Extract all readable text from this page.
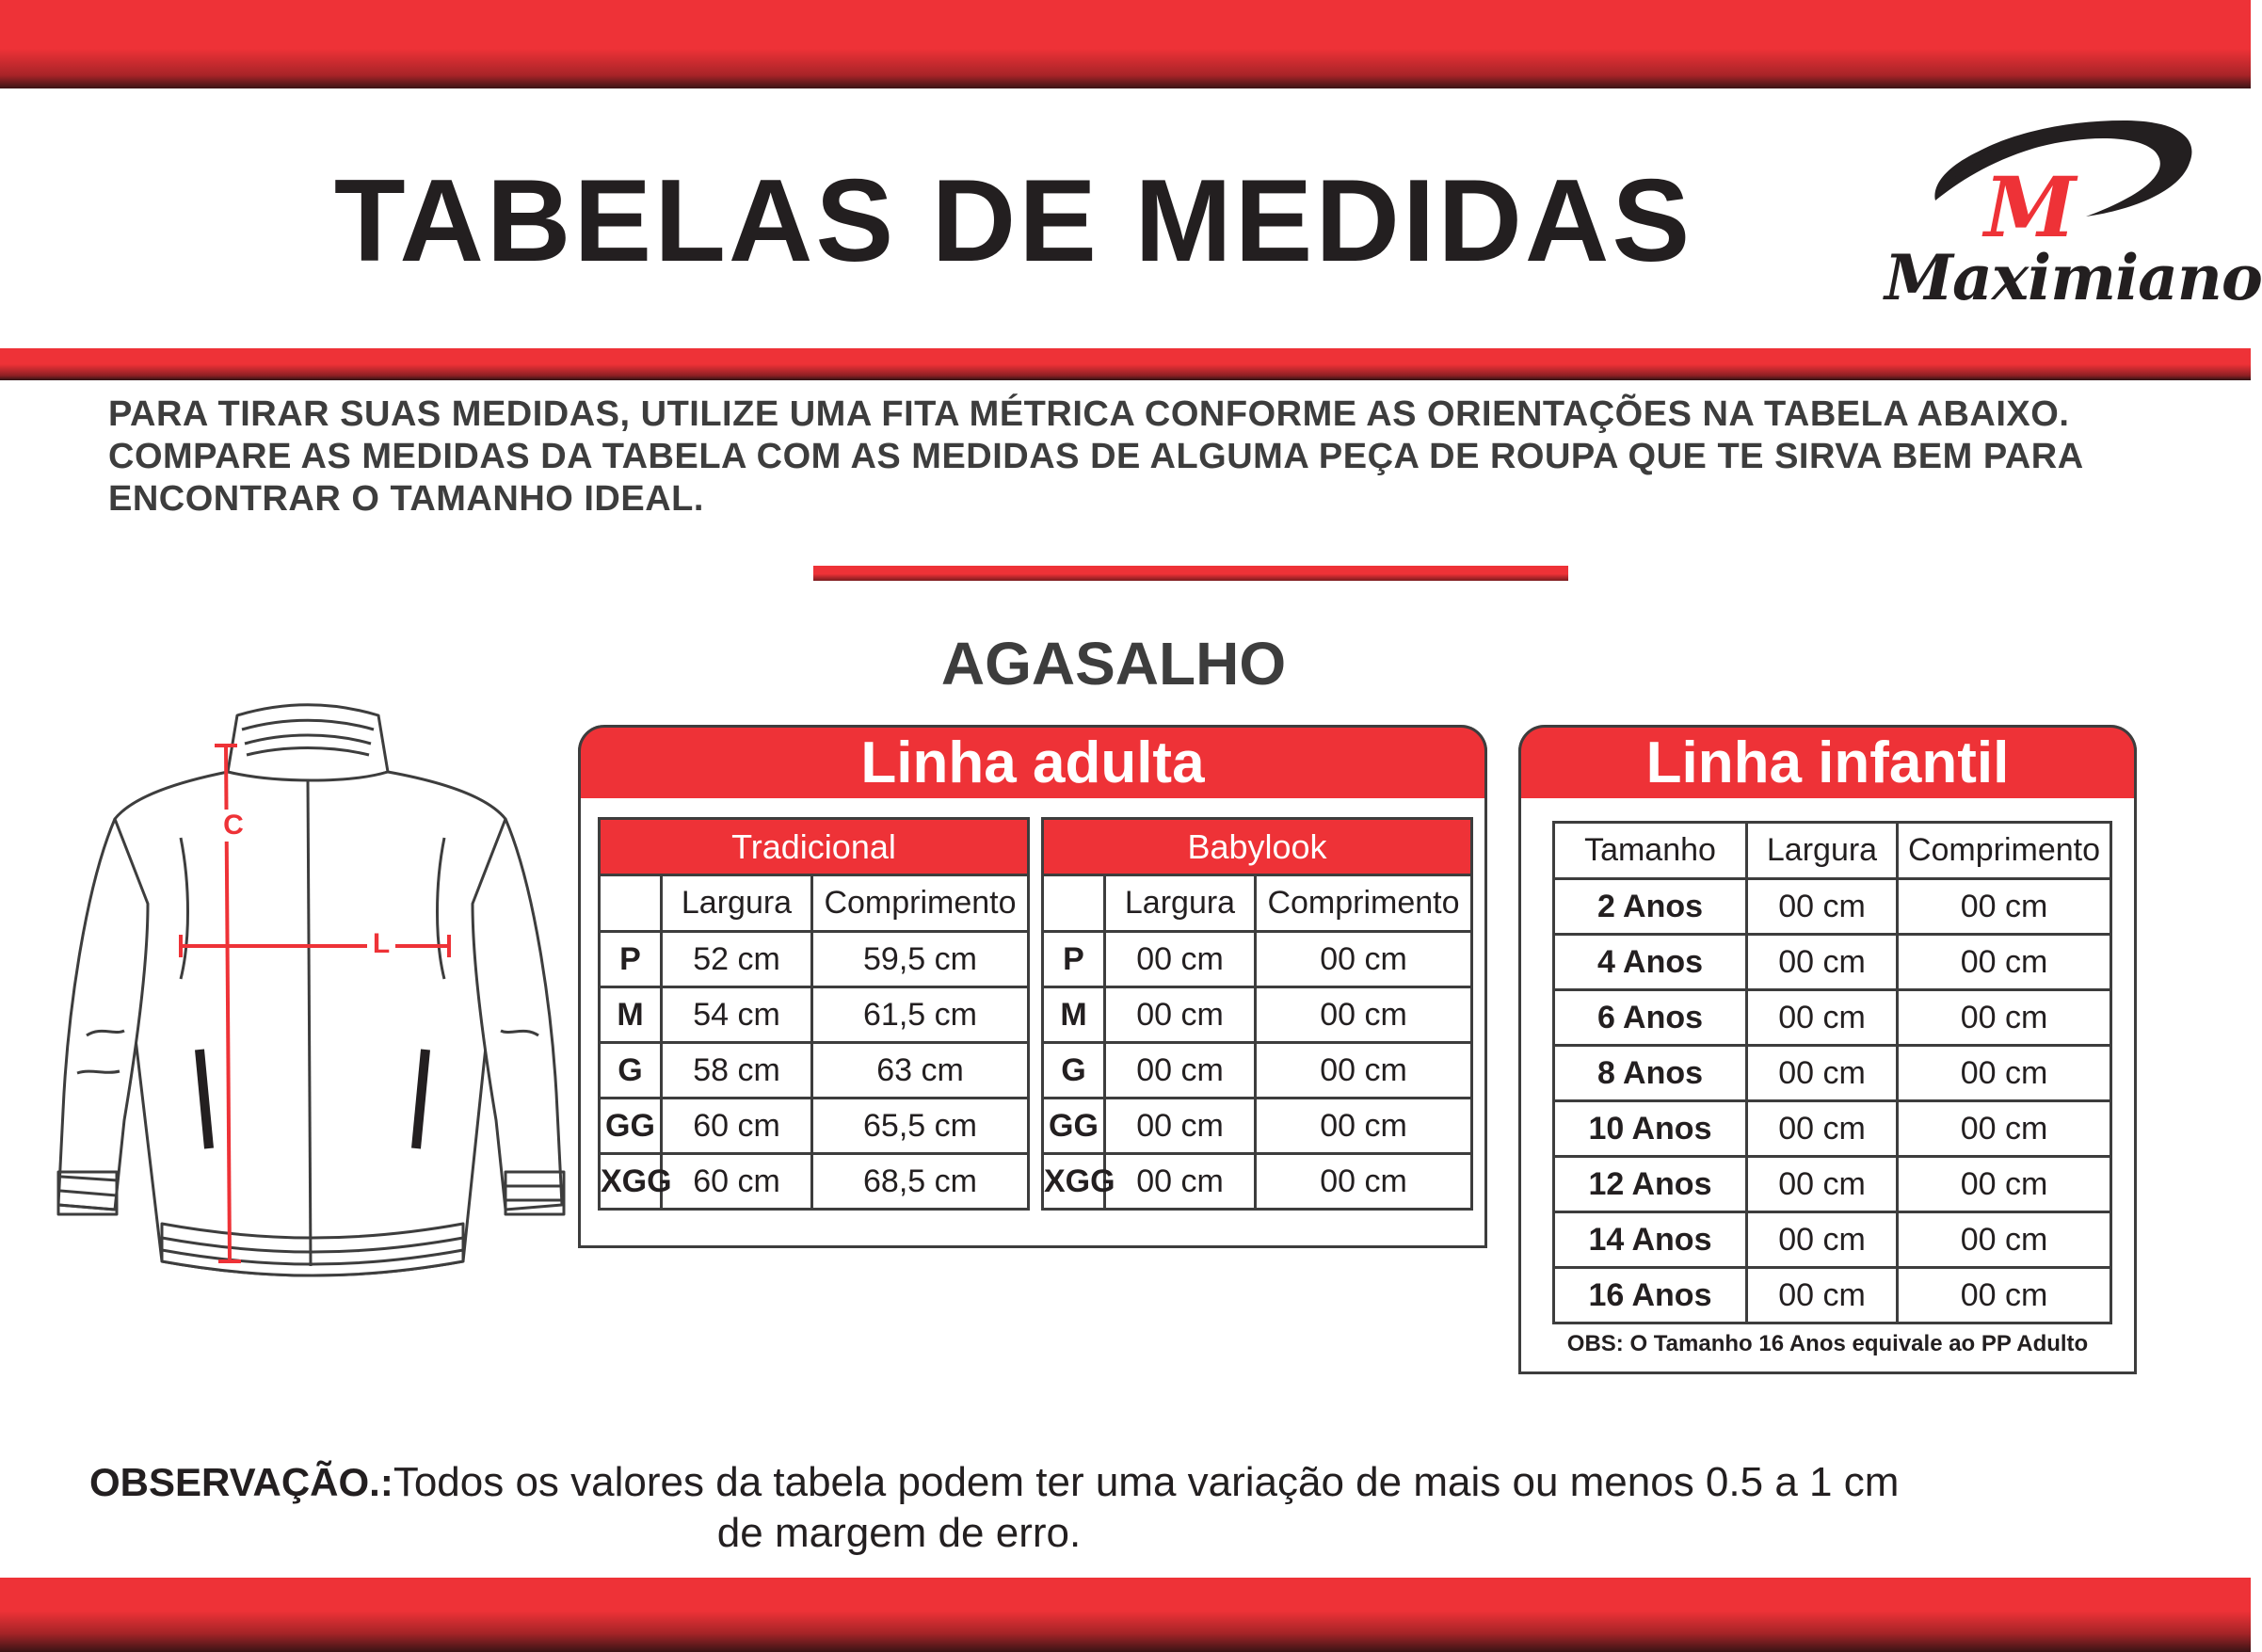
TABELAS DE MEDIDAS	M
Maximiano
PARA TIRAR SUAS MEDIDAS, UTILIZE UMA FITA MÉTRICA CONFORME AS ORIENTAÇÕES NA TABELA ABAIXO.
COMPARE AS MEDIDAS DA TABELA COM AS MEDIDAS DE ALGUMA PEÇA DE ROUPA QUE TE SIRVA BEM PARA
ENCONTRAR O TAMANHO IDEAL.
AGASALHO
C
L
Linha adulta
Tradicional		
	Largura	Comprimento
P	52 cm	59,5 cm
M	54 cm	61,5 cm
G	58 cm	63 cm
GG	60 cm	65,5 cm
XGG	60 cm	68,5 cm
Babylook		
	Largura	Comprimento
P	00 cm	00 cm
M	00 cm	00 cm
G	00 cm	00 cm
GG	00 cm	00 cm
XGG	00 cm	00 cm
Linha infantil
Tamanho	Largura	Comprimento
2 Anos	00 cm	00 cm
4 Anos	00 cm	00 cm
6 Anos	00 cm	00 cm
8 Anos	00 cm	00 cm
10 Anos	00 cm	00 cm
12 Anos	00 cm	00 cm
14 Anos	00 cm	00 cm
16 Anos	00 cm	00 cm
OBS: O Tamanho 16 Anos equivale ao PP Adulto
OBSERVAÇÃO.:Todos os valores da tabela podem ter uma variação de mais ou menos 0.5 a 1 cm
de margem de erro.
